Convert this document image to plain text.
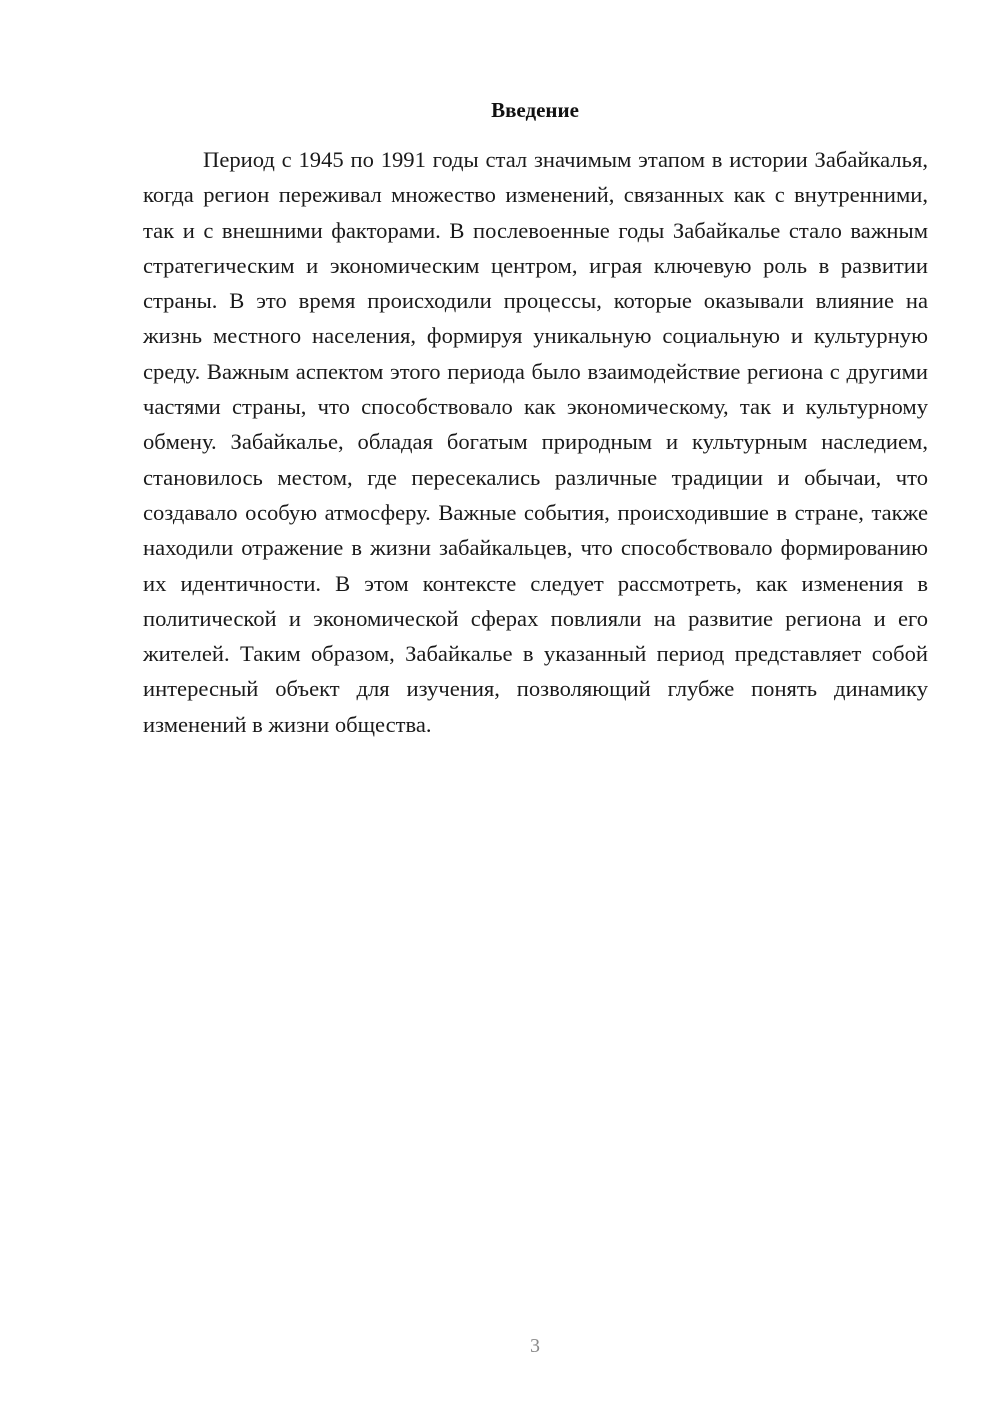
Введение

Период с 1945 по 1991 годы стал значимым этапом в истории Забайкалья, когда регион переживал множество изменений, связанных как с внутренними, так и с внешними факторами. В послевоенные годы Забайкалье стало важным стратегическим и экономическим центром, играя ключевую роль в развитии страны. В это время происходили процессы, которые оказывали влияние на жизнь местного населения, формируя уникальную социальную и культурную среду. Важным аспектом этого периода было взаимодействие региона с другими частями страны, что способствовало как экономическому, так и культурному обмену. Забайкалье, обладая богатым природным и культурным наследием, становилось местом, где пересекались различные традиции и обычаи, что создавало особую атмосферу. Важные события, происходившие в стране, также находили отражение в жизни забайкальцев, что способствовало формированию их идентичности. В этом контексте следует рассмотреть, как изменения в политической и экономической сферах повлияли на развитие региона и его жителей. Таким образом, Забайкалье в указанный период представляет собой интересный объект для изучения, позволяющий глубже понять динамику изменений в жизни общества.

3
